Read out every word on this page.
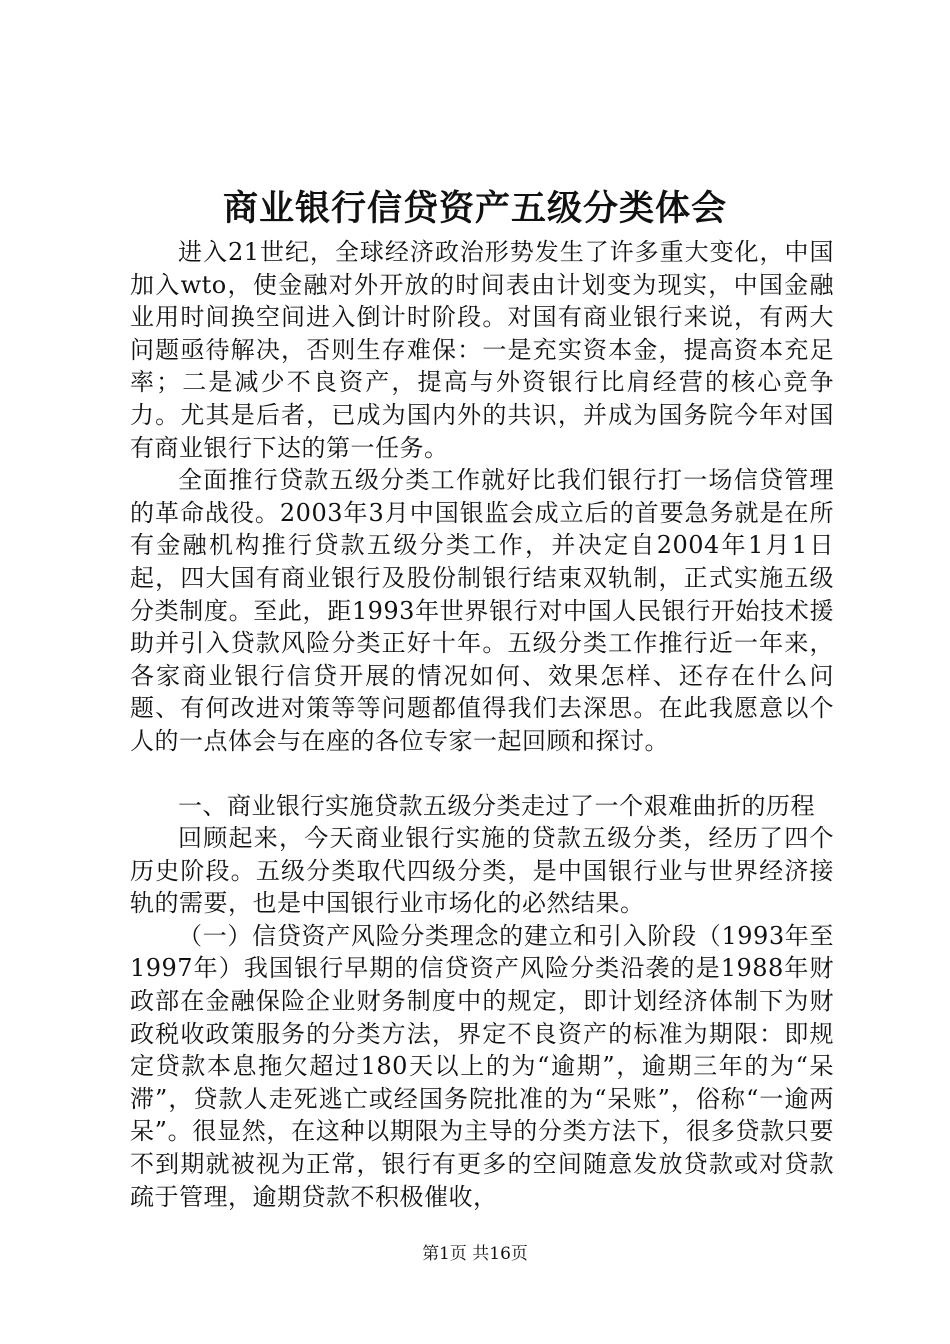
商业银行信贷资产五级分类体会

进入21世纪，全球经济政治形势发生了许多重大变化，中国加入wto，使金融对外开放的时间表由计划变为现实，中国金融业用时间换空间进入倒计时阶段。对国有商业银行来说，有两大问题亟待解决，否则生存难保：一是充实资本金，提高资本充足率；二是减少不良资产，提高与外资银行比肩经营的核心竞争力。尤其是后者，已成为国内外的共识，并成为国务院今年对国有商业银行下达的第一任务。

全面推行贷款五级分类工作就好比我们银行打一场信贷管理的革命战役。2003年3月中国银监会成立后的首要急务就是在所有金融机构推行贷款五级分类工作，并决定自2004年1月1日起，四大国有商业银行及股份制银行结束双轨制，正式实施五级分类制度。至此，距1993年世界银行对中国人民银行开始技术援助并引入贷款风险分类正好十年。五级分类工作推行近一年来，各家商业银行信贷开展的情况如何、效果怎样、还存在什么问题、有何改进对策等等问题都值得我们去深思。在此我愿意以个人的一点体会与在座的各位专家一起回顾和探讨。

一、商业银行实施贷款五级分类走过了一个艰难曲折的历程

回顾起来，今天商业银行实施的贷款五级分类，经历了四个历史阶段。五级分类取代四级分类，是中国银行业与世界经济接轨的需要，也是中国银行业市场化的必然结果。

（一）信贷资产风险分类理念的建立和引入阶段（1993年至1997年）我国银行早期的信贷资产风险分类沿袭的是1988年财政部在金融保险企业财务制度中的规定，即计划经济体制下为财政税收政策服务的分类方法，界定不良资产的标准为期限：即规定贷款本息拖欠超过180天以上的为“逾期”，逾期三年的为“呆滞”，贷款人走死逃亡或经国务院批准的为“呆账”，俗称“一逾两呆”。很显然，在这种以期限为主导的分类方法下，很多贷款只要不到期就被视为正常，银行有更多的空间随意发放贷款或对贷款疏于管理，逾期贷款不积极催收，

第1页 共16页
